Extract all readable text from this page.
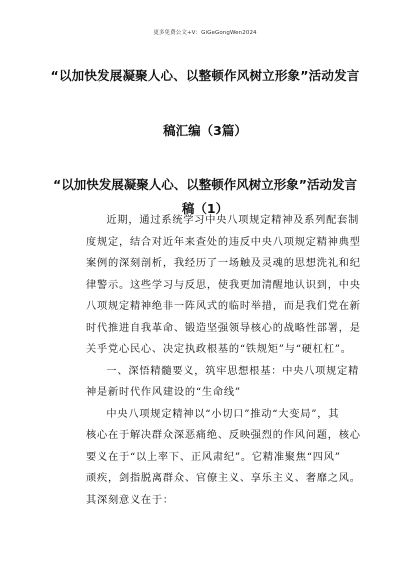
更多免费公文+V：GiGeGongWen2024
“以加快发展凝聚人心、以整顿作风树立形象”活动发言
稿汇编（3篇）
“以加快发展凝聚人心、以整顿作风树立形象”活动发言
稿（1）

近期，通过系统学习中央八项规定精神及系列配套制
度规定，结合对近年来查处的违反中央八项规定精神典型
案例的深刻剖析，我经历了一场触及灵魂的思想洗礼和纪
律警示。这些学习与反思，使我更加清醒地认识到，中央
八项规定精神绝非一阵风式的临时举措，而是我们党在新
时代推进自我革命、锻造坚强领导核心的战略性部署，是
关乎党心民心、决定执政根基的“铁规矩”与“硬杠杠”。

一、深悟精髓要义，筑牢思想根基：中央八项规定精
神是新时代作风建设的“生命线”

中央八项规定精神以“小切口”推动“大变局”，其
核心在于解决群众深恶痛绝、反映强烈的作风问题，核心
要义在于“以上率下、正风肃纪”。它精准聚焦“四风”
顽疾，剑指脱离群众、官僚主义、享乐主义、奢靡之风。
其深刻意义在于：
